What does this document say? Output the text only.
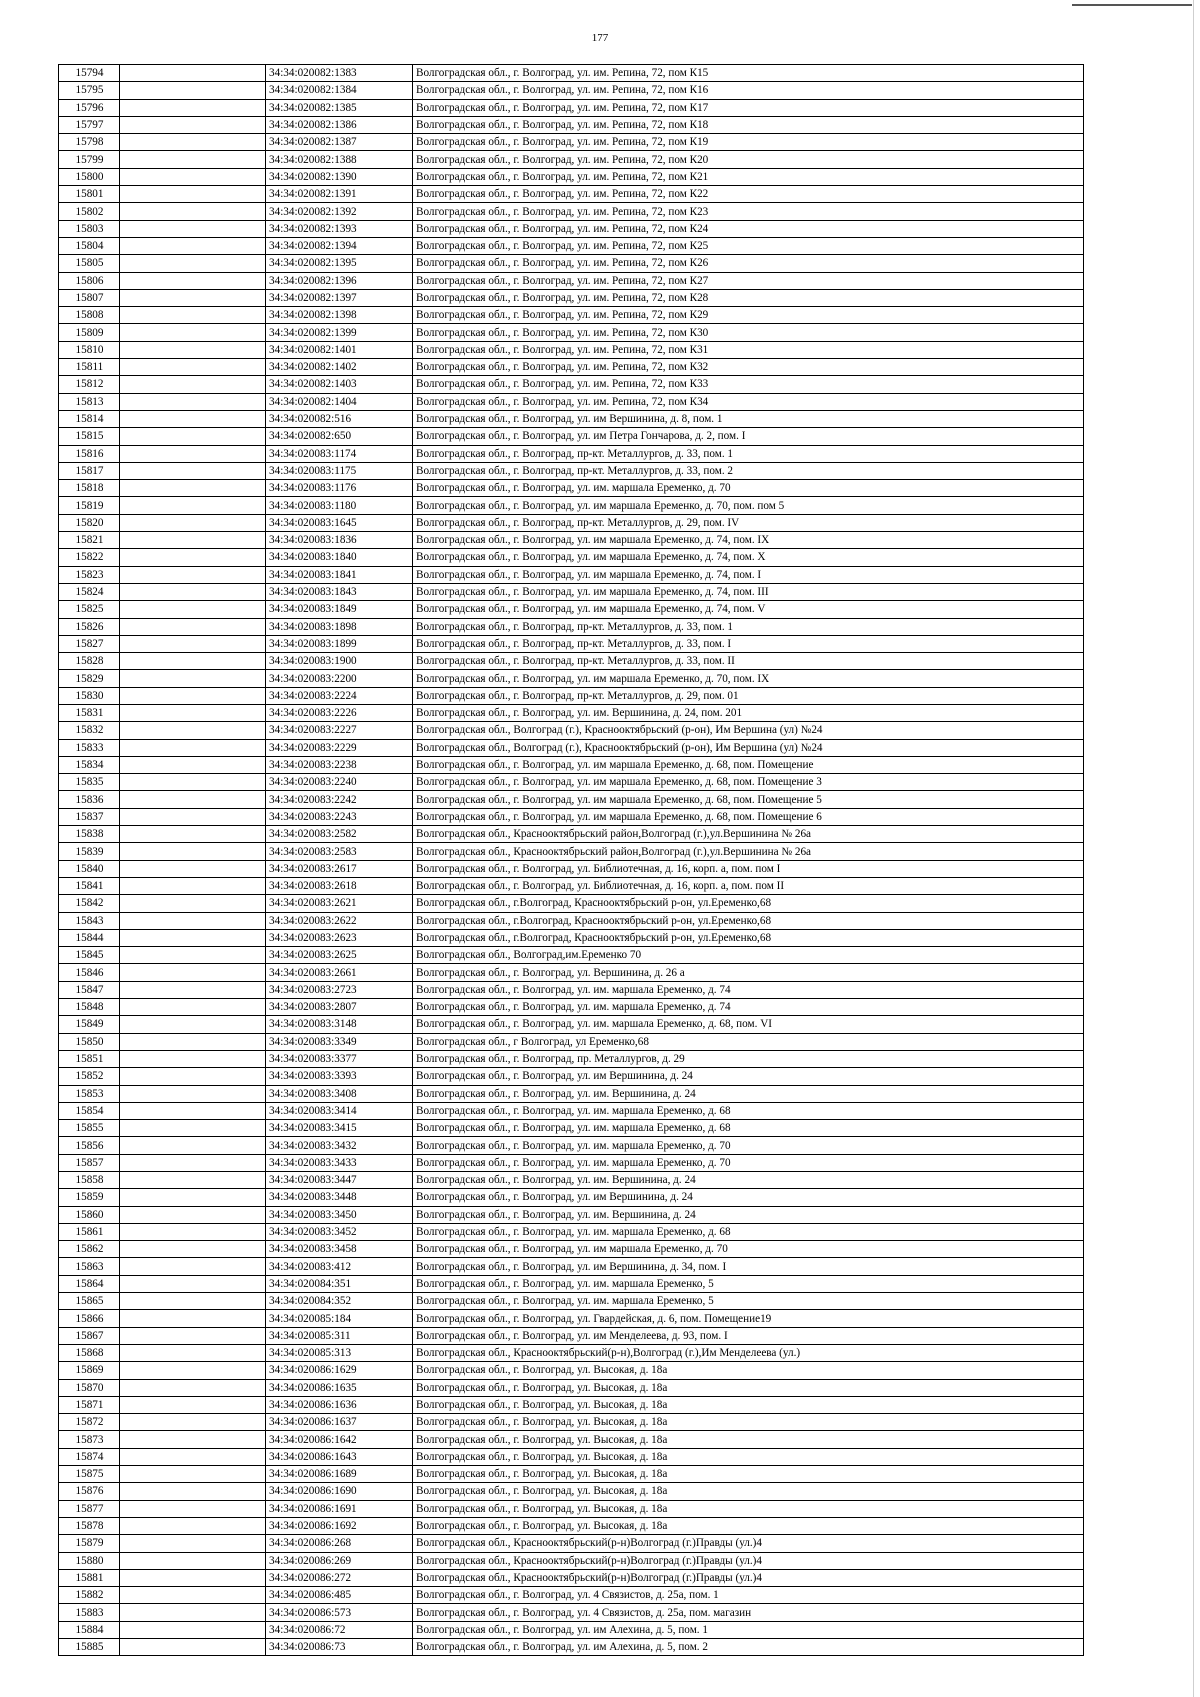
177
15794		34:34:020082:1383	Волгоградская обл., г. Волгоград, ул. им. Репина, 72, пом К15
15795		34:34:020082:1384	Волгоградская обл., г. Волгоград, ул. им. Репина, 72, пом К16
15796		34:34:020082:1385	Волгоградская обл., г. Волгоград, ул. им. Репина, 72, пом К17
15797		34:34:020082:1386	Волгоградская обл., г. Волгоград, ул. им. Репина, 72, пом К18
15798		34:34:020082:1387	Волгоградская обл., г. Волгоград, ул. им. Репина, 72, пом К19
15799		34:34:020082:1388	Волгоградская обл., г. Волгоград, ул. им. Репина, 72, пом К20
15800		34:34:020082:1390	Волгоградская обл., г. Волгоград, ул. им. Репина, 72, пом К21
15801		34:34:020082:1391	Волгоградская обл., г. Волгоград, ул. им. Репина, 72, пом К22
15802		34:34:020082:1392	Волгоградская обл., г. Волгоград, ул. им. Репина, 72, пом К23
15803		34:34:020082:1393	Волгоградская обл., г. Волгоград, ул. им. Репина, 72, пом К24
15804		34:34:020082:1394	Волгоградская обл., г. Волгоград, ул. им. Репина, 72, пом К25
15805		34:34:020082:1395	Волгоградская обл., г. Волгоград, ул. им. Репина, 72, пом К26
15806		34:34:020082:1396	Волгоградская обл., г. Волгоград, ул. им. Репина, 72, пом К27
15807		34:34:020082:1397	Волгоградская обл., г. Волгоград, ул. им. Репина, 72, пом К28
15808		34:34:020082:1398	Волгоградская обл., г. Волгоград, ул. им. Репина, 72, пом К29
15809		34:34:020082:1399	Волгоградская обл., г. Волгоград, ул. им. Репина, 72, пом К30
15810		34:34:020082:1401	Волгоградская обл., г. Волгоград, ул. им. Репина, 72, пом К31
15811		34:34:020082:1402	Волгоградская обл., г. Волгоград, ул. им. Репина, 72, пом К32
15812		34:34:020082:1403	Волгоградская обл., г. Волгоград, ул. им. Репина, 72, пом К33
15813		34:34:020082:1404	Волгоградская обл., г. Волгоград, ул. им. Репина, 72, пом К34
15814		34:34:020082:516	Волгоградская обл., г. Волгоград, ул. им Вершинина, д. 8, пом. 1
15815		34:34:020082:650	Волгоградская обл., г. Волгоград, ул. им Петра Гончарова, д. 2, пом. I
15816		34:34:020083:1174	Волгоградская обл., г. Волгоград, пр-кт. Металлургов, д. 33, пом. 1
15817		34:34:020083:1175	Волгоградская обл., г. Волгоград, пр-кт. Металлургов, д. 33, пом. 2
15818		34:34:020083:1176	Волгоградская обл., г. Волгоград, ул. им. маршала Еременко, д. 70
15819		34:34:020083:1180	Волгоградская обл., г. Волгоград, ул. им маршала Еременко, д. 70, пом. пом 5
15820		34:34:020083:1645	Волгоградская обл., г. Волгоград, пр-кт. Металлургов, д. 29, пом. IV
15821		34:34:020083:1836	Волгоградская обл., г. Волгоград, ул. им маршала Еременко, д. 74, пом. IX
15822		34:34:020083:1840	Волгоградская обл., г. Волгоград, ул. им маршала Еременко, д. 74, пом. X
15823		34:34:020083:1841	Волгоградская обл., г. Волгоград, ул. им маршала Еременко, д. 74, пом. I
15824		34:34:020083:1843	Волгоградская обл., г. Волгоград, ул. им маршала Еременко, д. 74, пом. III
15825		34:34:020083:1849	Волгоградская обл., г. Волгоград, ул. им маршала Еременко, д. 74, пом. V
15826		34:34:020083:1898	Волгоградская обл., г. Волгоград, пр-кт. Металлургов, д. 33, пом. 1
15827		34:34:020083:1899	Волгоградская обл., г. Волгоград, пр-кт. Металлургов, д. 33, пом. I
15828		34:34:020083:1900	Волгоградская обл., г. Волгоград, пр-кт. Металлургов, д. 33, пом. II
15829		34:34:020083:2200	Волгоградская обл., г. Волгоград, ул. им маршала Еременко, д. 70, пом. IX
15830		34:34:020083:2224	Волгоградская обл., г. Волгоград, пр-кт. Металлургов, д. 29, пом. 01
15831		34:34:020083:2226	Волгоградская обл., г. Волгоград, ул. им. Вершинина, д. 24, пом. 201
15832		34:34:020083:2227	Волгоградская обл., Волгоград (г.), Краснооктябрьский (р-он), Им Вершина (ул) №24
15833		34:34:020083:2229	Волгоградская обл., Волгоград (г.), Краснооктябрьский (р-он), Им Вершина (ул) №24
15834		34:34:020083:2238	Волгоградская обл., г. Волгоград, ул. им маршала Еременко, д. 68, пом. Помещение
15835		34:34:020083:2240	Волгоградская обл., г. Волгоград, ул. им маршала Еременко, д. 68, пом. Помещение 3
15836		34:34:020083:2242	Волгоградская обл., г. Волгоград, ул. им маршала Еременко, д. 68, пом. Помещение 5
15837		34:34:020083:2243	Волгоградская обл., г. Волгоград, ул. им маршала Еременко, д. 68, пом. Помещение 6
15838		34:34:020083:2582	Волгоградская обл., Краснооктябрьский район,Волгоград (г.),ул.Вершинина № 26а
15839		34:34:020083:2583	Волгоградская обл., Краснооктябрьский район,Волгоград (г.),ул.Вершинина № 26а
15840		34:34:020083:2617	Волгоградская обл., г. Волгоград, ул. Библиотечная, д. 16, корп. а, пом. пом I
15841		34:34:020083:2618	Волгоградская обл., г. Волгоград, ул. Библиотечная, д. 16, корп. а, пом. пом II
15842		34:34:020083:2621	Волгоградская обл., г.Волгоград, Краснооктябрьский р-он, ул.Еременко,68
15843		34:34:020083:2622	Волгоградская обл., г.Волгоград, Краснооктябрьский р-он, ул.Еременко,68
15844		34:34:020083:2623	Волгоградская обл., г.Волгоград, Краснооктябрьский р-он, ул.Еременко,68
15845		34:34:020083:2625	Волгоградская обл., Волгоград,им.Еременко 70
15846		34:34:020083:2661	Волгоградская обл., г. Волгоград, ул. Вершинина, д. 26 а
15847		34:34:020083:2723	Волгоградская обл., г. Волгоград, ул. им. маршала Еременко, д. 74
15848		34:34:020083:2807	Волгоградская обл., г. Волгоград, ул. им. маршала Еременко, д. 74
15849		34:34:020083:3148	Волгоградская обл., г. Волгоград, ул. им. маршала Еременко, д. 68, пом. VI
15850		34:34:020083:3349	Волгоградская обл., г Волгоград, ул Еременко,68
15851		34:34:020083:3377	Волгоградская обл., г. Волгоград, пр. Металлургов, д. 29
15852		34:34:020083:3393	Волгоградская обл., г. Волгоград, ул. им Вершинина, д. 24
15853		34:34:020083:3408	Волгоградская обл., г. Волгоград, ул. им. Вершинина, д. 24
15854		34:34:020083:3414	Волгоградская обл., г. Волгоград, ул. им. маршала Еременко, д. 68
15855		34:34:020083:3415	Волгоградская обл., г. Волгоград, ул. им. маршала Еременко, д. 68
15856		34:34:020083:3432	Волгоградская обл., г. Волгоград, ул. им. маршала Еременко, д. 70
15857		34:34:020083:3433	Волгоградская обл., г. Волгоград, ул. им. маршала Еременко, д. 70
15858		34:34:020083:3447	Волгоградская обл., г. Волгоград, ул. им. Вершинина, д. 24
15859		34:34:020083:3448	Волгоградская обл., г. Волгоград, ул. им Вершинина, д. 24
15860		34:34:020083:3450	Волгоградская обл., г. Волгоград, ул. им. Вершинина, д. 24
15861		34:34:020083:3452	Волгоградская обл., г. Волгоград, ул. им. маршала Еременко, д. 68
15862		34:34:020083:3458	Волгоградская обл., г. Волгоград, ул. им маршала Еременко, д. 70
15863		34:34:020083:412	Волгоградская обл., г. Волгоград, ул. им Вершинина, д. 34, пом. I
15864		34:34:020084:351	Волгоградская обл., г. Волгоград, ул. им. маршала Еременко, 5
15865		34:34:020084:352	Волгоградская обл., г. Волгоград, ул. им. маршала Еременко, 5
15866		34:34:020085:184	Волгоградская обл., г. Волгоград, ул. Гвардейская, д. 6, пом. Помещение19
15867		34:34:020085:311	Волгоградская обл., г. Волгоград, ул. им Менделеева, д. 93, пом. I
15868		34:34:020085:313	Волгоградская обл., Краснооктябрьский(р-н),Волгоград (г.),Им Менделеева (ул.)
15869		34:34:020086:1629	Волгоградская обл., г. Волгоград, ул. Высокая, д. 18а
15870		34:34:020086:1635	Волгоградская обл., г. Волгоград, ул. Высокая, д. 18а
15871		34:34:020086:1636	Волгоградская обл., г. Волгоград, ул. Высокая, д. 18а
15872		34:34:020086:1637	Волгоградская обл., г. Волгоград, ул. Высокая, д. 18а
15873		34:34:020086:1642	Волгоградская обл., г. Волгоград, ул. Высокая, д. 18а
15874		34:34:020086:1643	Волгоградская обл., г. Волгоград, ул. Высокая, д. 18а
15875		34:34:020086:1689	Волгоградская обл., г. Волгоград, ул. Высокая, д. 18а
15876		34:34:020086:1690	Волгоградская обл., г. Волгоград, ул. Высокая, д. 18а
15877		34:34:020086:1691	Волгоградская обл., г. Волгоград, ул. Высокая, д. 18а
15878		34:34:020086:1692	Волгоградская обл., г. Волгоград, ул. Высокая, д. 18а
15879		34:34:020086:268	Волгоградская обл., Краснооктябрьский(р-н)Волгоград (г.)Правды (ул.)4
15880		34:34:020086:269	Волгоградская обл., Краснооктябрьский(р-н)Волгоград (г.)Правды (ул.)4
15881		34:34:020086:272	Волгоградская обл., Краснооктябрьский(р-н)Волгоград (г.)Правды (ул.)4
15882		34:34:020086:485	Волгоградская обл., г. Волгоград, ул. 4 Связистов, д. 25а, пом. 1
15883		34:34:020086:573	Волгоградская обл., г. Волгоград, ул. 4 Связистов, д. 25а, пом. магазин
15884		34:34:020086:72	Волгоградская обл., г. Волгоград, ул. им Алехина, д. 5, пом. 1
15885		34:34:020086:73	Волгоградская обл., г. Волгоград, ул. им Алехина, д. 5, пом. 2
